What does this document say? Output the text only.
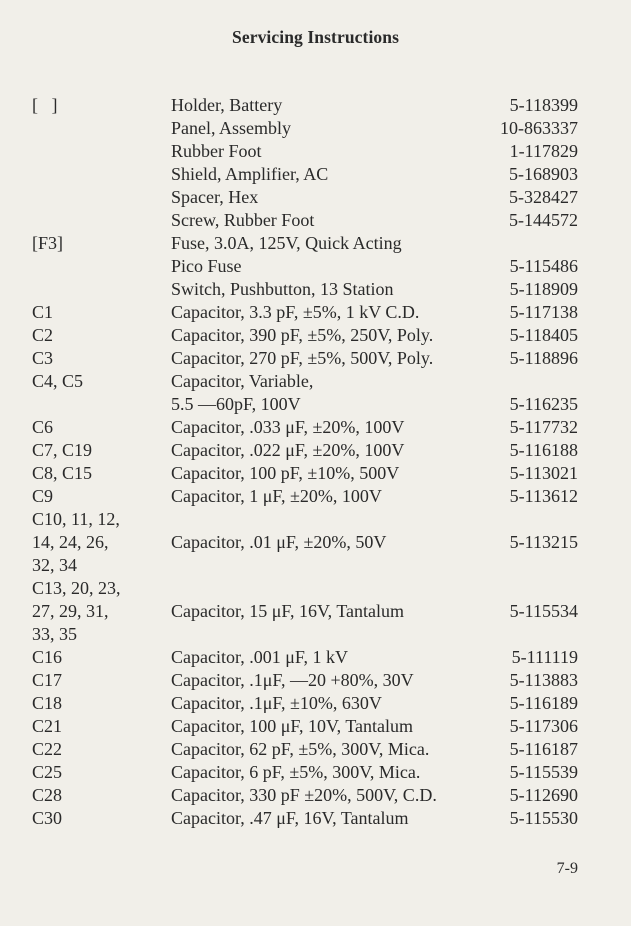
Servicing Instructions
[   ]	Holder, Battery	5-118399
Panel, Assembly	10-863337
Rubber Foot	1-117829
Shield, Amplifier, AC	5-168903
Spacer, Hex	5-328427
Screw, Rubber Foot	5-144572
[F3]	Fuse, 3.0A, 125V, Quick Acting
Pico Fuse	5-115486
Switch, Pushbutton, 13 Station	5-118909
C1	Capacitor, 3.3 pF, ±5%, 1 kV C.D.	5-117138
C2	Capacitor, 390 pF, ±5%, 250V, Poly.	5-118405
C3	Capacitor, 270 pF, ±5%, 500V, Poly.	5-118896
C4, C5	Capacitor, Variable,
5.5 —60pF, 100V	5-116235
C6	Capacitor, .033 μF, ±20%, 100V	5-117732
C7, C19	Capacitor, .022 μF, ±20%, 100V	5-116188
C8, C15	Capacitor, 100 pF, ±10%, 500V	5-113021
C9	Capacitor, 1 μF, ±20%, 100V	5-113612
C10, 11, 12,
14, 24, 26,	Capacitor, .01 μF, ±20%, 50V	5-113215
32, 34
C13, 20, 23,
27, 29, 31,	Capacitor, 15 μF, 16V, Tantalum	5-115534
33, 35
C16	Capacitor, .001 μF, 1 kV	5-111119
C17	Capacitor, .1μF, —20 +80%, 30V	5-113883
C18	Capacitor, .1μF, ±10%, 630V	5-116189
C21	Capacitor, 100 μF, 10V, Tantalum	5-117306
C22	Capacitor, 62 pF, ±5%, 300V, Mica.	5-116187
C25	Capacitor, 6 pF, ±5%, 300V, Mica.	5-115539
C28	Capacitor, 330 pF ±20%, 500V, C.D.	5-112690
C30	Capacitor, .47 μF, 16V, Tantalum	5-115530
7-9
